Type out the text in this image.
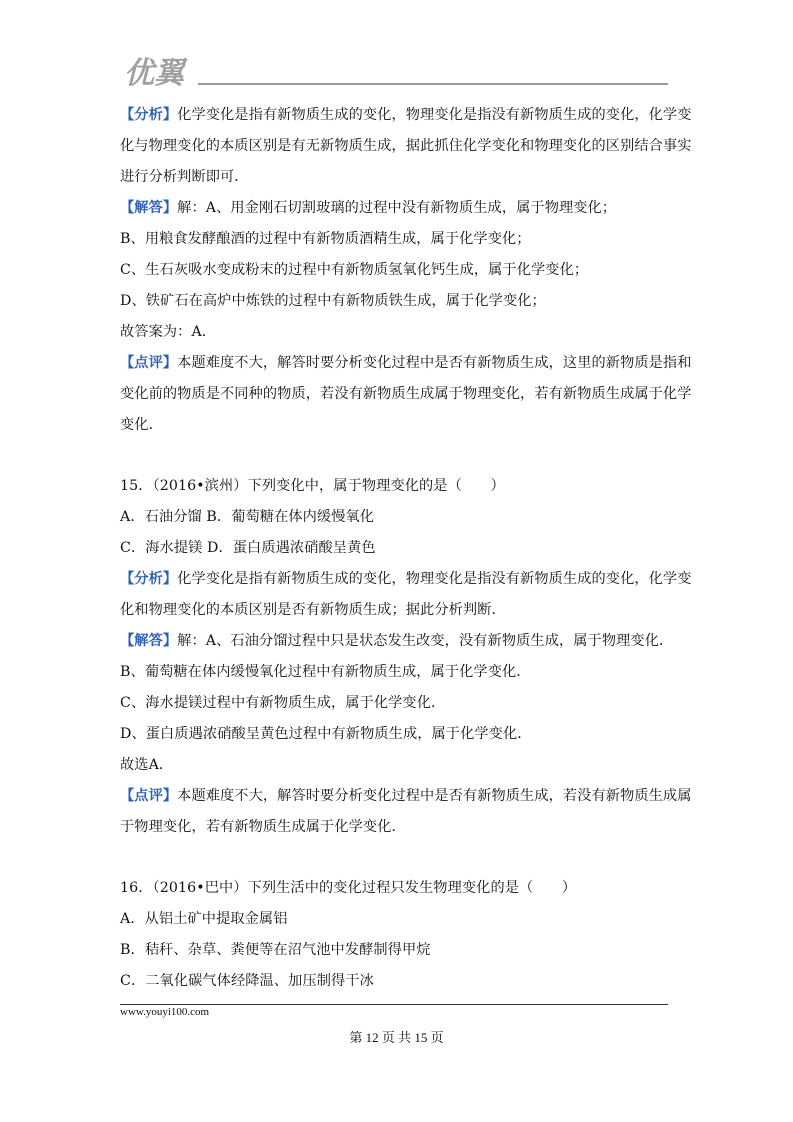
优翼
【分析】化学变化是指有新物质生成的变化，物理变化是指没有新物质生成的变化，化学变
化与物理变化的本质区别是有无新物质生成，据此抓住化学变化和物理变化的区别结合事实
进行分析判断即可．
【解答】解：A、用金刚石切割玻璃的过程中没有新物质生成，属于物理变化；
B、用粮食发酵酿酒的过程中有新物质酒精生成，属于化学变化；
C、生石灰吸水变成粉末的过程中有新物质氢氧化钙生成，属于化学变化；
D、铁矿石在高炉中炼铁的过程中有新物质铁生成，属于化学变化；
故答案为：A．
【点评】本题难度不大，解答时要分析变化过程中是否有新物质生成，这里的新物质是指和
变化前的物质是不同种的物质，若没有新物质生成属于物理变化，若有新物质生成属于化学
变化．
15．（2016•滨州）下列变化中，属于物理变化的是（　　）
A．石油分馏 B．葡萄糖在体内缓慢氧化
C．海水提镁 D．蛋白质遇浓硝酸呈黄色
【分析】化学变化是指有新物质生成的变化，物理变化是指没有新物质生成的变化，化学变
化和物理变化的本质区别是否有新物质生成；据此分析判断．
【解答】解：A、石油分馏过程中只是状态发生改变，没有新物质生成，属于物理变化．
B、葡萄糖在体内缓慢氧化过程中有新物质生成，属于化学变化．
C、海水提镁过程中有新物质生成，属于化学变化．
D、蛋白质遇浓硝酸呈黄色过程中有新物质生成，属于化学变化．
故选A．
【点评】本题难度不大，解答时要分析变化过程中是否有新物质生成，若没有新物质生成属
于物理变化，若有新物质生成属于化学变化．
16．（2016•巴中）下列生活中的变化过程只发生物理变化的是（　　）
A．从铝土矿中提取金属铝
B．秸秆、杂草、粪便等在沼气池中发酵制得甲烷
C．二氧化碳气体经降温、加压制得干冰
www.youyi100.com
第 12 页 共 15 页
